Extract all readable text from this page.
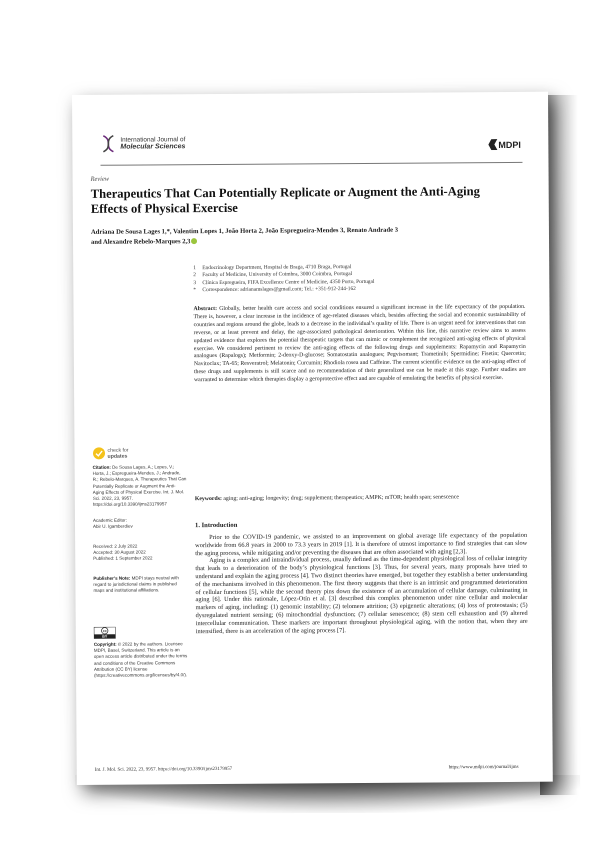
International Journal of
Molecular Sciences	MDPI
Review
Therapeutics That Can Potentially Replicate or Augment the Anti-Aging Effects of Physical Exercise
Adriana De Sousa Lages 1,*, Valentim Lopes 1, João Horta 2, João Espregueira-Mendes 3, Renato Andrade 3
and Alexandre Rebelo-Marques 2,3
1 Endocrinology Department, Hospital de Braga, 4710 Braga, Portugal
2 Faculty of Medicine, University of Coimbra, 3000 Coimbra, Portugal
3 Clínica Espregueira, FIFA Excellence Centre of Medicine, 4350 Porto, Portugal
* Correspondence: adrianamslages@gmail.com; Tel.: +351-912-244-162
Abstract: Globally, better health care access and social conditions ensured a significant increase in the life expectancy of the population. There is, however, a clear increase in the incidence of age-related diseases which, besides affecting the social and economic sustainability of countries and regions around the globe, leads to a decrease in the individual’s quality of life. There is an urgent need for interventions that can reverse, or at least prevent and delay, the age-associated pathological deterioration. Within this line, this narrative review aims to assess updated evidence that explores the potential therapeutic targets that can mimic or complement the recognized anti-aging effects of physical exercise. We considered pertinent to review the anti-aging effects of the following drugs and supplements: Rapamycin and Rapamycin analogues (Rapalogs); Metformin; 2-deoxy-D-glucose; Somatostatin analogues; Pegvisomant; Trametinib; Spermidine; Fisetin; Quercetin; Navitoclax; TA-65; Resveratrol; Melatonin; Curcumin; Rhodiola rosea and Caffeine. The current scientific evidence on the anti-aging effect of these drugs and supplements is still scarce and no recommendation of their generalized use can be made at this stage. Further studies are warranted to determine which therapies display a geroprotective effect and are capable of emulating the benefits of physical exercise.
Keywords: aging; anti-aging; longevity; drug; supplement; therapeutics; AMPK; mTOR; health span; senescence
check for
updates
Citation: De Sousa Lages, A.; Lopes, V.; Horta, J.; Espregueira-Mendes, J.; Andrade, R.; Rebelo-Marques, A. Therapeutics That Can Potentially Replicate or Augment the Anti-Aging Effects of Physical Exercise. Int. J. Mol. Sci. 2022, 23, 9957. https://doi.org/10.3390/ijms23179957
Academic Editor:
Abir U. Igamberdiev
Received: 2 July 2022
Accepted: 30 August 2022
Published: 1 September 2022
Publisher’s Note: MDPI stays neutral with regard to jurisdictional claims in published maps and institutional affiliations.
cc
BY
Copyright: © 2022 by the authors. Licensee MDPI, Basel, Switzerland. This article is an open access article distributed under the terms and conditions of the Creative Commons Attribution (CC BY) license (https://creativecommons.org/licenses/by/4.0/).
1. Introduction

Prior to the COVID-19 pandemic, we assisted to an improvement on global average life expectancy of the population worldwide from 66.8 years in 2000 to 73.3 years in 2019 [1]. It is therefore of utmost importance to find strategies that can slow the aging process, while mitigating and/or preventing the diseases that are often associated with aging [2,3].

Aging is a complex and intraindividual process, usually defined as the time-dependent physiological loss of cellular integrity that leads to a deterioration of the body’s physiological functions [3]. Thus, for several years, many proposals have tried to understand and explain the aging process [4]. Two distinct theories have emerged, but together they establish a better understanding of the mechanisms involved in this phenomenon. The first theory suggests that there is an intrinsic and programmed deterioration of cellular functions [5], while the second theory pins down the existence of an accumulation of cellular damage, culminating in aging [6]. Under this rationale, López-Otín et al. [3] described this complex phenomenon under nine cellular and molecular markers of aging, including: (1) genomic instability; (2) telomere attrition; (3) epigenetic alterations; (4) loss of proteostasis; (5) dysregulated nutrient sensing; (6) mitochondrial dysfunction; (7) cellular senescence; (8) stem cell exhaustion and (9) altered intercellular communication. These markers are important throughout physiological aging, with the notion that, when they are intensified, there is an acceleration of the aging process [7].

Int. J. Mol. Sci. 2022, 23, 9957. https://doi.org/10.3390/ijms23179957	https://www.mdpi.com/journal/ijms
